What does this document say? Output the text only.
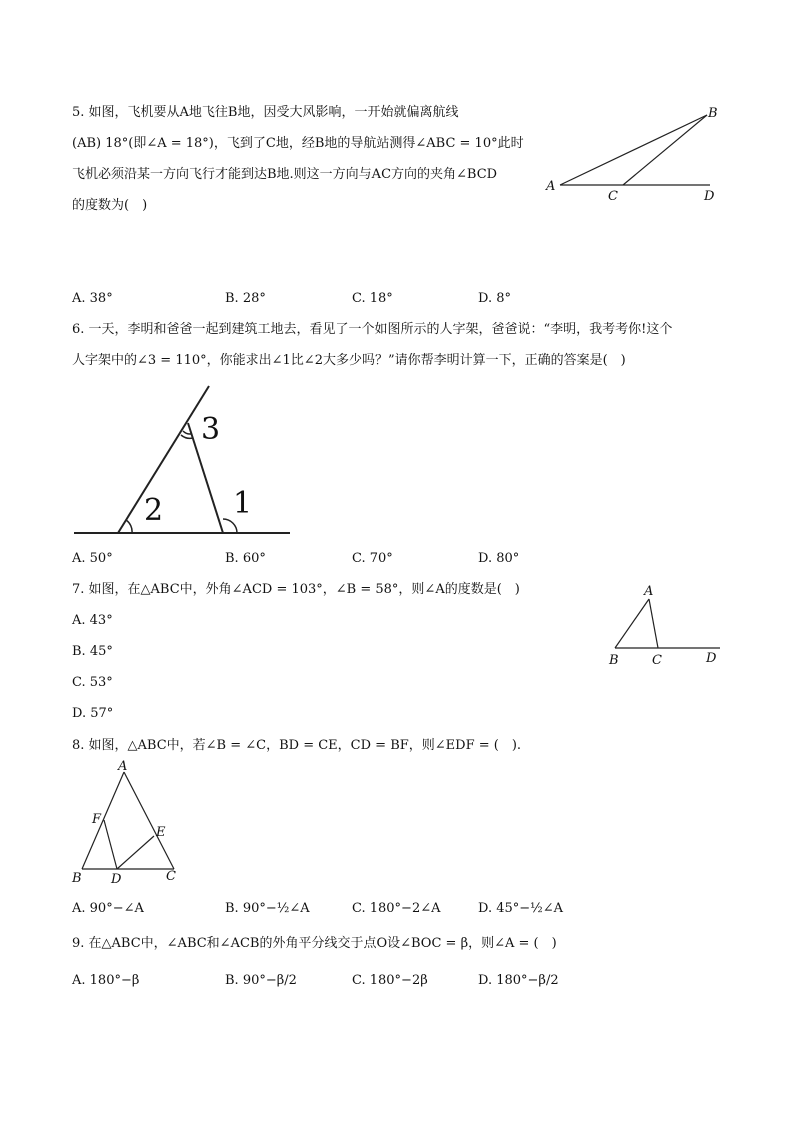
5. 如图，飞机要从A地飞往B地，因受大风影响，一开始就偏离航线
(AB) 18°(即∠A = 18°)，飞到了C地，经B地的导航站测得∠ABC = 10°此时
飞机必须沿某一方向飞行才能到达B地.则这一方向与AC方向的夹角∠BCD
的度数为(　)
A
B
C	D
A. 38°	B. 28°	C. 18°	D. 8°
6. 一天，李明和爸爸一起到建筑工地去，看见了一个如图所示的人字架，爸爸说：“李明，我考考你!这个
人字架中的∠3 = 110°，你能求出∠1比∠2大多少吗？”请你帮李明计算一下，正确的答案是(　)
1
2
3
A. 50°	B. 60°	C. 70°	D. 80°
7. 如图，在△ABC中，外角∠ACD = 103°，∠B = 58°，则∠A的度数是(　)
A. 43°
B. 45°
C. 53°
D. 57°
A
B	C	D
8. 如图，△ABC中，若∠B = ∠C，BD = CE，CD = BF，则∠EDF = (　).
A
B	C
D
E
F
A. 90°−∠A	B. 90°−½∠A	C. 180°−2∠A	D. 45°−½∠A
9. 在△ABC中，∠ABC和∠ACB的外角平分线交于点O设∠BOC = β，则∠A = (　)
A. 180°−β	B. 90°−β/2	C. 180°−2β	D. 180°−β/2
